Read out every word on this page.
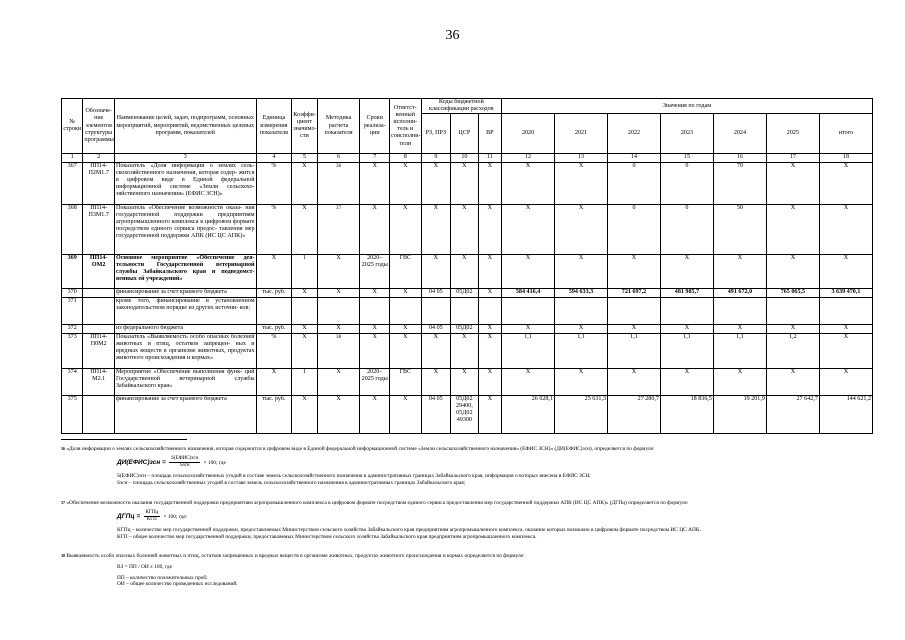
36
№ строки	Обозначе- ние элементов структуры программы	Наименование целей, задач, подпрограмм, основных мероприятий, мероприятий, ведомственных целевых программ, показателей	Единица измерения показателя	Коэффи- циент значимо- сти	Методика расчета показателя	Сроки реализа- ции	Ответст- венный исполни- тель и соисполни- тели	Коды бюджетной классификации расходов			Значения по годам						
								РЗ, ПРЗ	ЦСР	ВР	2020	2021	2022	2023	2024	2025	итого
1	2	3	4	5	6	7	8	9	10	11	12	13	14	15	16	17	18
367	ПП14- П2М1.7	Показатель «Доля информации о землях сель- скохозяйственного назначения, которая содер- жится в цифровом виде в Единой федеральной информационной системе «Земли сельскохо- зяйственного назначения» (ЕФИС ЗСН)»	%	Х	$^{36}$	Х	Х	Х	Х	Х	Х	Х	0	0	70	Х	Х
368	ПП14- П3М1.7	Показатель «Обеспечение возможности оказа- ния государственной поддержки предприятиям агропромышленного комплекса в цифровом формате посредством единого сервиса предос- тавления мер государственной поддержки АПК (ИС ЦС АПК)»	%	Х	$^{37}$	Х	Х	Х	Х	Х	Х	Х	0	0	50	Х	Х
369	ПП14- ОМ2	Основное мероприятие «Обеспечение дея- тельности Государственной ветеринарной службы Забайкальского края и подведомст- венных ей учреждений»	Х	1	Х	2020– 2025 годы	ГВС	Х	Х	Х	Х	Х	Х	Х	Х	Х	Х
370		финансирование за счет краевого бюджета	тыс. руб.	Х	Х	Х	Х	04 05	05Д02	Х	584 416,4	594 633,3	721 697,2	481 985,7	491 672,0	765 065,5	3 639 470,1
371		кроме того, финансирование в установленном законодательством порядке из других источни- ков:															
372		из федерального бюджета	тыс. руб.	Х	Х	Х	Х	04 05	05Д02	Х	Х	Х	Х	Х	Х	Х	Х
373	ПП14- П0М2	Показатель «Выявляемость особо опасных болезней животных и птиц, остатков запрещен- ных и вредных веществ в организме животных, продуктах животного происхождения и кормах»	%	Х	$^{38}$	Х	Х	Х	Х	Х	1,1	1,1	1,1	1,1	1,1	1,2	Х
374	ПП14- М2.1	Мероприятие «Обеспечение выполнения функ- ций Государственной ветеринарной службы Забайкальского края»	Х	1	Х	2020– 2025 годы	ГВС	Х	Х	Х	Х	Х	Х	Х	Х	Х	Х
375		финансирование за счет краевого бюджета	тыс. руб.	Х	Х	Х	Х	04 05	05Д02 29400, 05Д02 49300	Х	26 028,1	25 631,3	27 280,7	18 836,5	19 201,9	27 642,7	144 621,2
$^{36}$ «Доля информации о землях сельскохозяйственного назначения, которая содержится в цифровом виде в Единой федеральной информационной системе «Земли сельскохозяйственного назначения» (ЕФИС ЗСН)» (ДИ(ЕФИС)зсн), определяется по формуле:
ДИ(ЕФИС)зсн = $\frac{\text{S(ЕФИС)зсн}}{\text{Sзсн}} \times 100$; где
S(ЕФИС)зсн – площадь сельскохозяйственных угодий в составе земель сельскохозяйственного назначения в административных границах Забайкальского края, информация о которых внесена в ЕФИС ЗСН;
Sзсн – площадь сельскохозяйственных угодий в составе земель сельскохозяйственного назначения в административных границах Забайкальского края;
$^{37}$ «Обеспечение возможности оказания государственной поддержки предприятиям агропромышленного комплекса в цифровом формате посредством единого сервиса предоставления мер государственной поддержки АПК (ИС ЦС АПК)» (ДГПц) определяется по формуле:
ДГПц = $\frac{\text{КГПц}}{\text{КГП}} \times 100$; где:
КГПц – количество мер государственной поддержки, предоставляемых Министерством сельского хозяйства Забайкальского края предприятиям агропромышленного комплекса, оказание которых возможно в цифровом формате посредством ИС ЦС АПК.
КГП – общее количество мер государственной поддержки, предоставляемых Министерством сельского хозяйства Забайкальского края предприятиям агропромышленного комплекса.
$^{38}$ Выявляемость особо опасных болезней животных и птиц, остатков запрещенных и вредных веществ в организме животных, продуктах животного происхождения и кормах определяется по формуле:
ВЗ = ПП / ОИ х 100, где
ПП – количество положительных проб;
ОИ – общее количество проведенных исследований.
